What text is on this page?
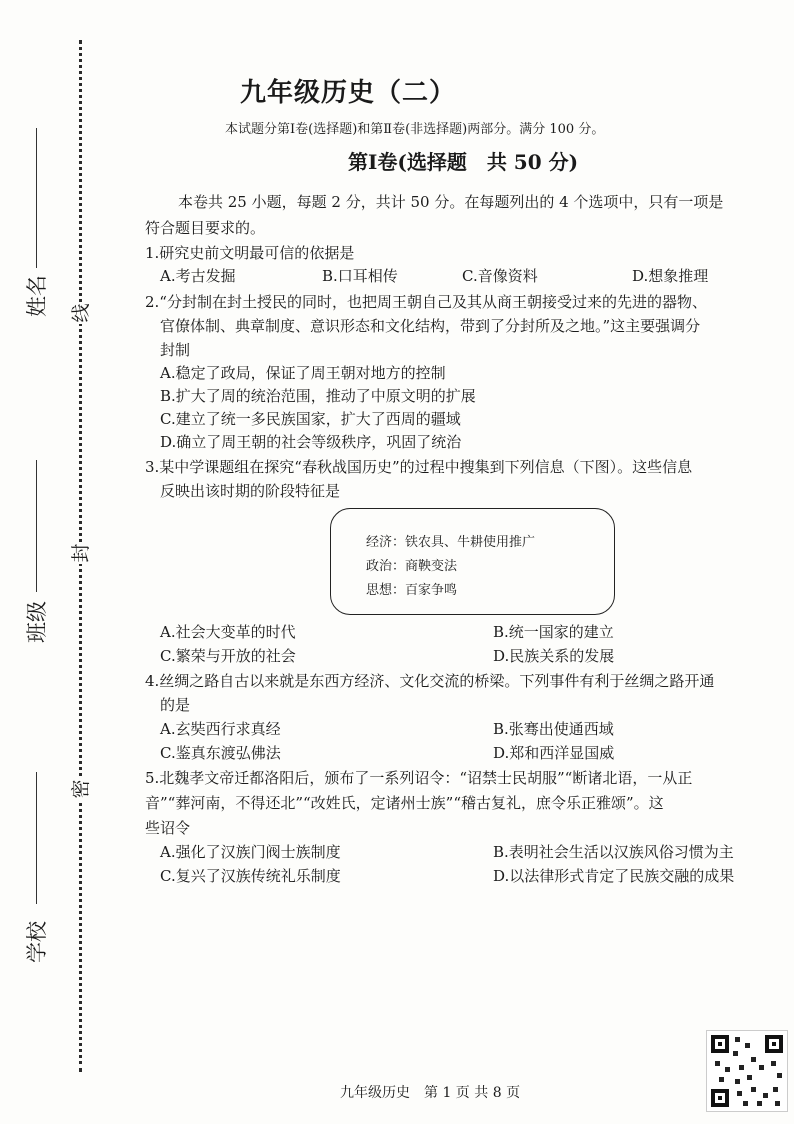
线
封
密
姓名
班级
学校
九年级历史（二）
本试题分第Ⅰ卷(选择题)和第Ⅱ卷(非选择题)两部分。满分 100 分。
第Ⅰ卷(选择题　共 50 分)
本卷共 25 小题，每题 2 分，共计 50 分。在每题列出的 4 个选项中，只有一项是
符合题目要求的。
1.研究史前文明最可信的依据是
A.考古发掘	B.口耳相传	C.音像资料	D.想象推理
2.“分封制在封土授民的同时，也把周王朝自己及其从商王朝接受过来的先进的器物、
官僚体制、典章制度、意识形态和文化结构，带到了分封所及之地。”这主要强调分
封制
A.稳定了政局，保证了周王朝对地方的控制
B.扩大了周的统治范围，推动了中原文明的扩展
C.建立了统一多民族国家，扩大了西周的疆域
D.确立了周王朝的社会等级秩序，巩固了统治
3.某中学课题组在探究“春秋战国历史”的过程中搜集到下列信息（下图）。这些信息
反映出该时期的阶段特征是
经济：铁农具、牛耕使用推广
政治：商鞅变法
思想：百家争鸣
A.社会大变革的时代	B.统一国家的建立
C.繁荣与开放的社会	D.民族关系的发展
4.丝绸之路自古以来就是东西方经济、文化交流的桥梁。下列事件有利于丝绸之路开通
的是
A.玄奘西行求真经	B.张骞出使通西域
C.鉴真东渡弘佛法	D.郑和西洋显国威
5.北魏孝文帝迁都洛阳后，颁布了一系列诏令：“诏禁士民胡服”“断诸北语，一从正
音”“葬河南，不得还北”“改姓氏，定诸州士族”“稽古复礼，庶令乐正雅颂”。这
些诏令
A.强化了汉族门阀士族制度	B.表明社会生活以汉族风俗习惯为主
C.复兴了汉族传统礼乐制度	D.以法律形式肯定了民族交融的成果
九年级历史　第 1 页 共 8 页
